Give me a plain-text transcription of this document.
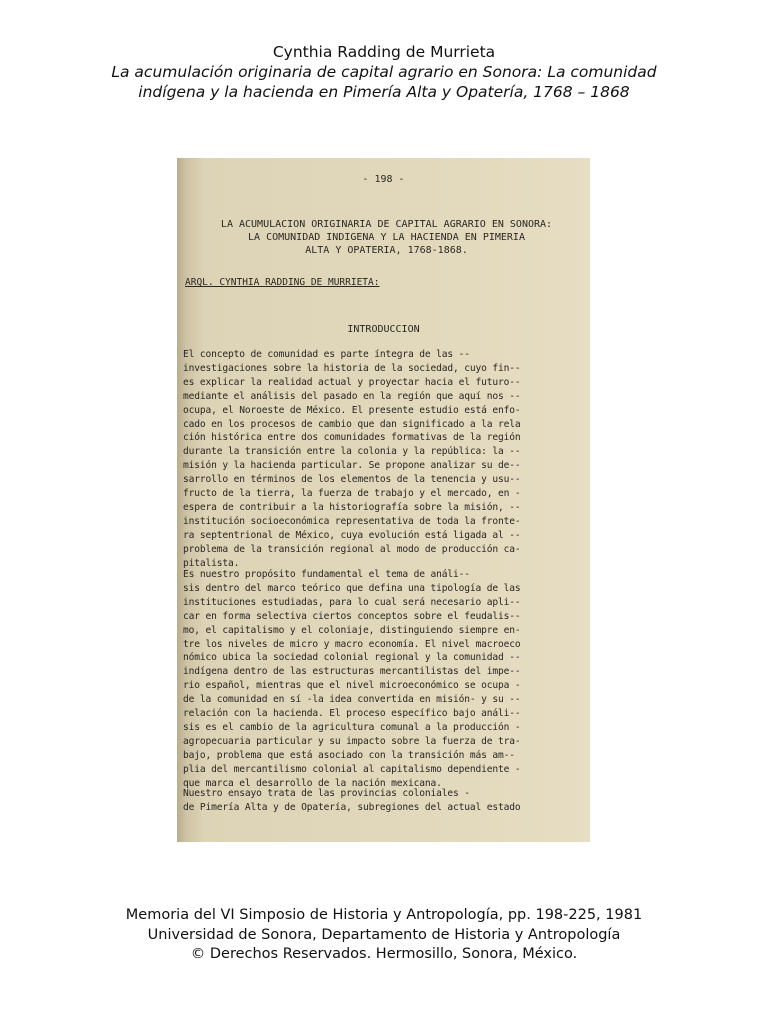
Cynthia Radding de Murrieta
La acumulación originaria de capital agrario en Sonora: La comunidad
indígena y la hacienda en Pimería Alta y Opatería, 1768 – 1868
- 198 -
LA ACUMULACION ORIGINARIA DE CAPITAL AGRARIO EN SONORA:
LA COMUNIDAD INDIGENA Y LA HACIENDA EN PIMERIA
ALTA Y OPATERIA, 1768-1868.
ARQL. CYNTHIA RADDING DE MURRIETA:
INTRODUCCION
El concepto de comunidad es parte íntegra de las --
investigaciones sobre la historia de la sociedad, cuyo fin--
es explicar la realidad actual y proyectar hacia el futuro--
mediante el análisis del pasado en la región que aquí nos --
ocupa, el Noroeste de México. El presente estudio está enfo-
cado en los procesos de cambio que dan significado a la rela
ción histórica entre dos comunidades formativas de la región
durante la transición entre la colonia y la república: la --
misión y la hacienda particular. Se propone analizar su de--
sarrollo en términos de los elementos de la tenencia y usu--
fructo de la tierra, la fuerza de trabajo y el mercado, en -
espera de contribuir a la historiografía sobre la misión, --
institución socioeconómica representativa de toda la fronte-
ra septentrional de México, cuya evolución está ligada al --
problema de la transición regional al modo de producción ca-
pitalista.
Es nuestro propósito fundamental el tema de análi--
sis dentro del marco teórico que defina una tipología de las
instituciones estudiadas, para lo cual será necesario apli--
car en forma selectiva ciertos conceptos sobre el feudalis--
mo, el capitalismo y el coloniaje, distinguiendo siempre en-
tre los niveles de micro y macro economía. El nivel macroeco
nómico ubica la sociedad colonial regional y la comunidad --
indígena dentro de las estructuras mercantilistas del impe--
rio español, mientras que el nivel microeconómico se ocupa -
de la comunidad en sí -la idea convertida en misión- y su --
relación con la hacienda. El proceso específico bajo análi--
sis es el cambio de la agricultura comunal a la producción -
agropecuaria particular y su impacto sobre la fuerza de tra-
bajo, problema que está asociado con la transición más am--
plia del mercantilismo colonial al capitalismo dependiente -
que marca el desarrollo de la nación mexicana.
Nuestro ensayo trata de las provincias coloniales -
de Pimería Alta y de Opatería, subregiones del actual estado
Memoria del VI Simposio de Historia y Antropología, pp. 198-225, 1981
Universidad de Sonora, Departamento de Historia y Antropología
© Derechos Reservados. Hermosillo, Sonora, México.
